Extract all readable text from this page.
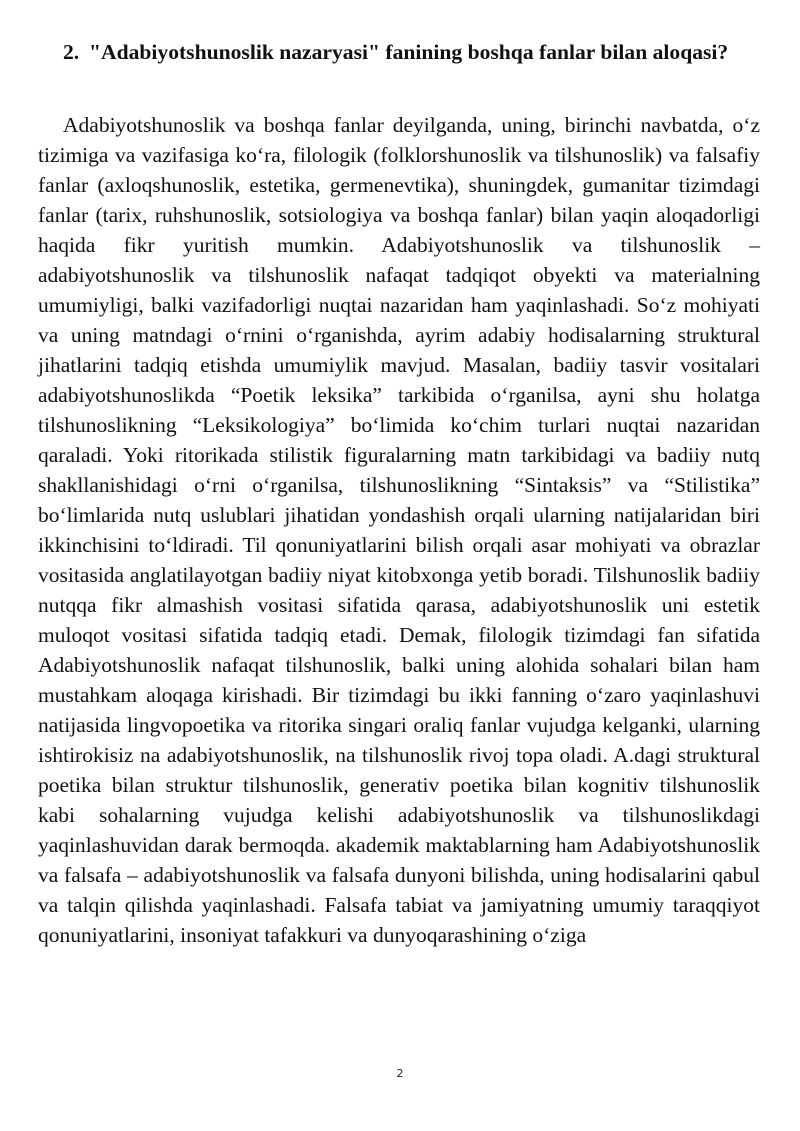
2. "Adabiyotshunoslik nazaryasi" fanining boshqa fanlar bilan aloqasi?

Adabiyotshunoslik va boshqa fanlar deyilganda, uning, birinchi navbatda, o‘z tizimiga va vazifasiga ko‘ra, filologik (folklorshunoslik va tilshunoslik) va falsafiy fanlar (axloqshunoslik, estetika, germenevtika), shuningdek, gumanitar tizimdagi fanlar (tarix, ruhshunoslik, sotsiologiya va boshqa fanlar) bilan yaqin aloqadorligi haqida fikr yuritish mumkin. Adabiyotshunoslik va tilshunoslik – adabiyotshunoslik va tilshunoslik nafaqat tadqiqot obyekti va materialning umumiyligi, balki vazifadorligi nuqtai nazaridan ham yaqinlashadi. So‘z mohiyati va uning matndagi o‘rnini o‘rganishda, ayrim adabiy hodisalarning struktural jihatlarini tadqiq etishda umumiylik mavjud. Masalan, badiiy tasvir vositalari adabiyotshunoslikda “Poetik leksika” tarkibida o‘rganilsa, ayni shu holatga tilshunoslikning “Leksikologiya” bo‘limida ko‘chim turlari nuqtai nazaridan qaraladi. Yoki ritorikada stilistik figuralarning matn tarkibidagi va badiiy nutq shakllanishidagi o‘rni o‘rganilsa, tilshunoslikning “Sintaksis” va “Stilistika” bo‘limlarida nutq uslublari jihatidan yondashish orqali ularning natijalaridan biri ikkinchisini to‘ldiradi. Til qonuniyatlarini bilish orqali asar mohiyati va obrazlar vositasida anglatilayotgan badiiy niyat kitobxonga yetib boradi. Tilshunoslik badiiy nutqqa fikr almashish vositasi sifatida qarasa, adabiyotshunoslik uni estetik muloqot vositasi sifatida tadqiq etadi. Demak, filologik tizimdagi fan sifatida Adabiyotshunoslik nafaqat tilshunoslik, balki uning alohida sohalari bilan ham mustahkam aloqaga kirishadi. Bir tizimdagi bu ikki fanning o‘zaro yaqinlashuvi natijasida lingvopoetika va ritorika singari oraliq fanlar vujudga kelganki, ularning ishtirokisiz na adabiyotshunoslik, na tilshunoslik rivoj topa oladi. A.dagi struktural poetika bilan struktur tilshunoslik, generativ poetika bilan kognitiv tilshunoslik kabi sohalarning vujudga kelishi adabiyotshunoslik va tilshunoslikdagi yaqinlashuvidan darak bermoqda. akademik maktablarning ham Adabiyotshunoslik va falsafa – adabiyotshunoslik va falsafa dunyoni bilishda, uning hodisalarini qabul va talqin qilishda yaqinlashadi. Falsafa tabiat va jamiyatning umumiy taraqqiyot qonuniyatlarini, insoniyat tafakkuri va dunyoqarashining o‘ziga

2
